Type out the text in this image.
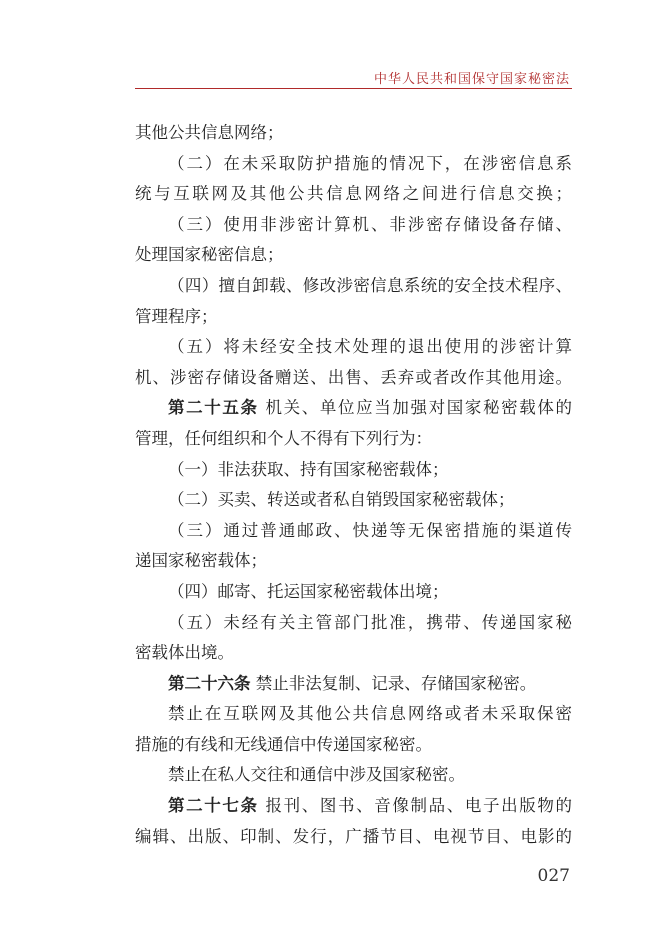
中华人民共和国保守国家秘密法
其他公共信息网络；
（二）在未采取防护措施的情况下，在涉密信息系
统与互联网及其他公共信息网络之间进行信息交换；
（三）使用非涉密计算机、非涉密存储设备存储、
处理国家秘密信息；
（四）擅自卸载、修改涉密信息系统的安全技术程序、
管理程序；
（五）将未经安全技术处理的退出使用的涉密计算
机、涉密存储设备赠送、出售、丢弃或者改作其他用途。
第二十五条 机关、单位应当加强对国家秘密载体的
管理，任何组织和个人不得有下列行为：
（一）非法获取、持有国家秘密载体；
（二）买卖、转送或者私自销毁国家秘密载体；
（三）通过普通邮政、快递等无保密措施的渠道传
递国家秘密载体；
（四）邮寄、托运国家秘密载体出境；
（五）未经有关主管部门批准，携带、传递国家秘
密载体出境。
第二十六条 禁止非法复制、记录、存储国家秘密。
禁止在互联网及其他公共信息网络或者未采取保密
措施的有线和无线通信中传递国家秘密。
禁止在私人交往和通信中涉及国家秘密。
第二十七条 报刊、图书、音像制品、电子出版物的
编辑、出版、印制、发行，广播节目、电视节目、电影的
027
